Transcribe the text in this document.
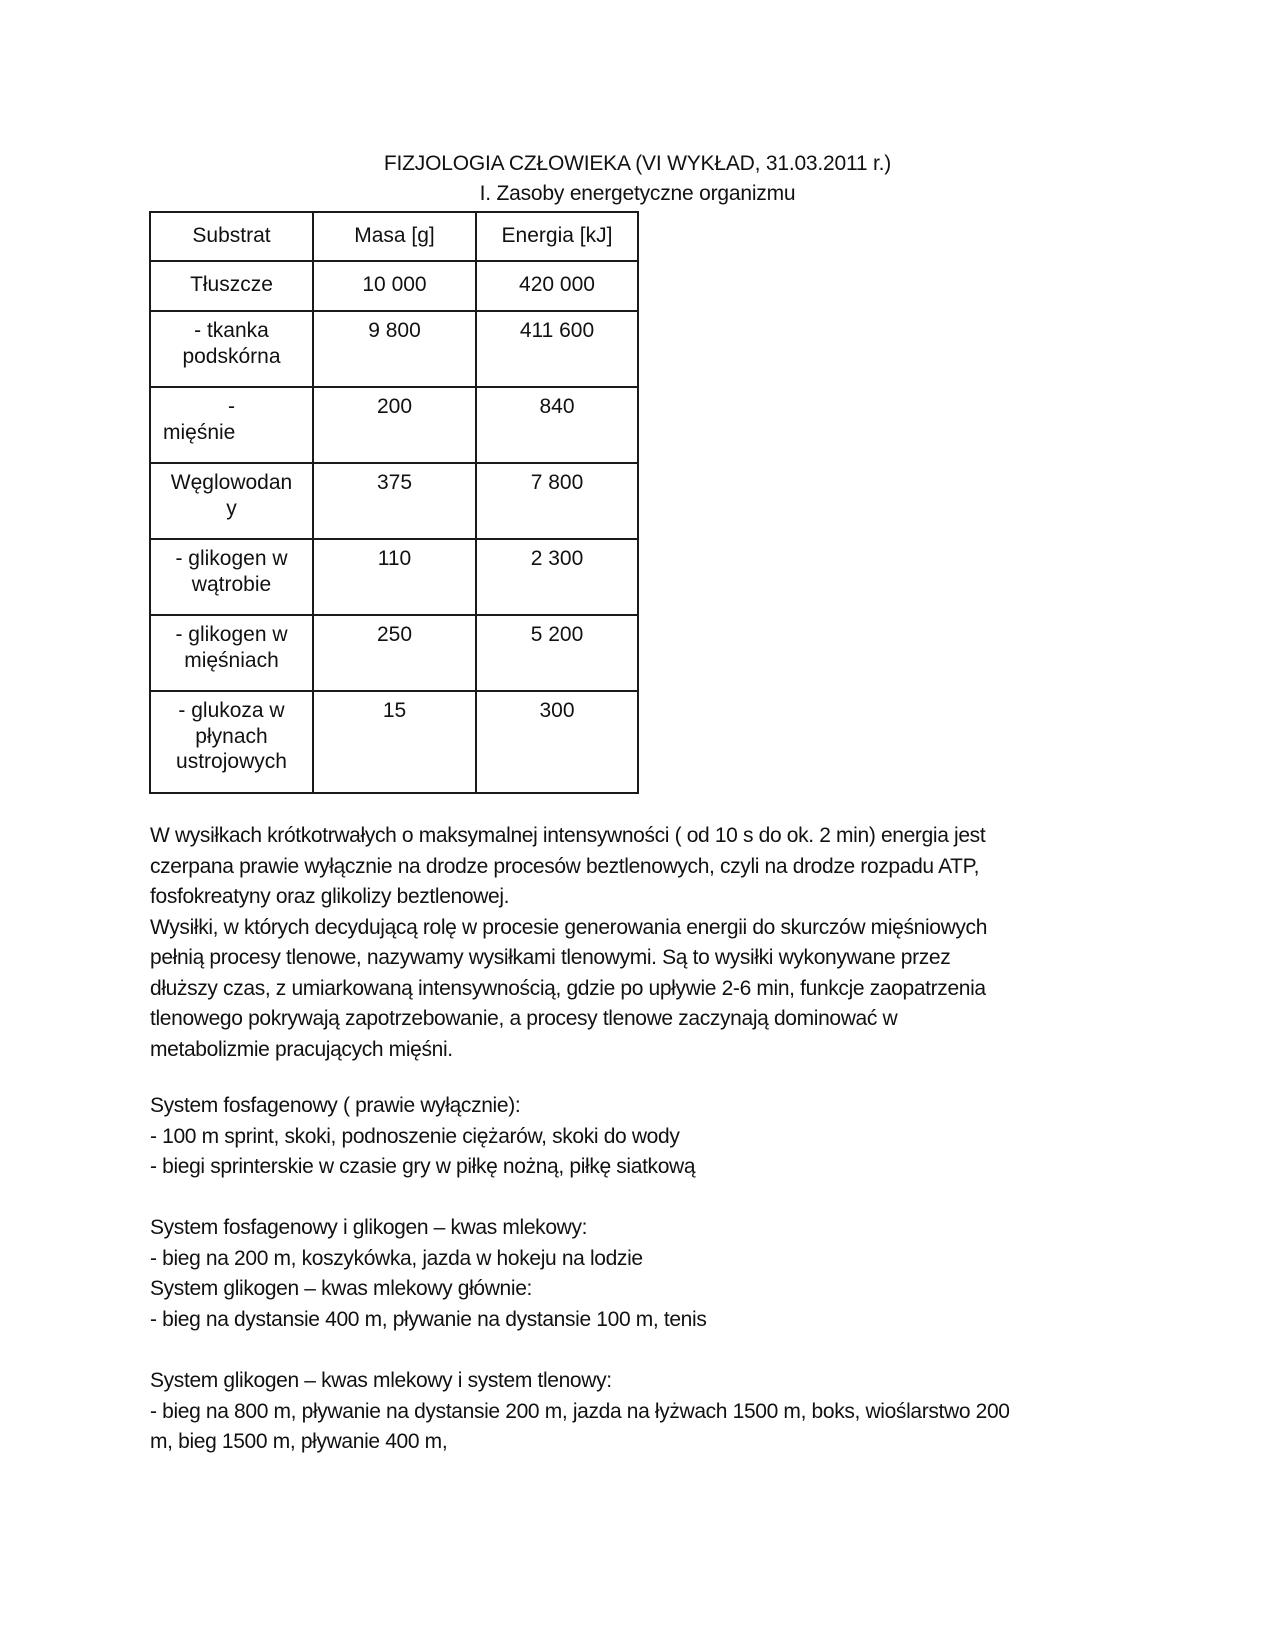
FIZJOLOGIA CZŁOWIEKA (VI WYKŁAD, 31.03.2011 r.)
I. Zasoby energetyczne organizmu
Substrat	Masa [g]	Energia [kJ]
Tłuszcze	10 000	420 000

- tkanka
podskórna	9 800	411 600

-
mięśnie	200	840

Węglowodan
y	375	7 800

- glikogen w
wątrobie	110	2 300

- glikogen w
mięśniach	250	5 200

- glukoza w
płynach
ustrojowych	15	300
W wysiłkach krótkotrwałych o maksymalnej intensywności ( od 10 s do ok. 2 min) energia jest
czerpana prawie wyłącznie na drodze procesów beztlenowych, czyli na drodze rozpadu ATP,
fosfokreatyny oraz glikolizy beztlenowej.
Wysiłki, w których decydującą rolę w procesie generowania energii do skurczów mięśniowych
pełnią procesy tlenowe, nazywamy wysiłkami tlenowymi. Są to wysiłki wykonywane przez
dłuższy czas, z umiarkowaną intensywnością, gdzie po upływie 2-6 min, funkcje zaopatrzenia
tlenowego pokrywają zapotrzebowanie, a procesy tlenowe zaczynają dominować w
metabolizmie pracujących mięśni.
System fosfagenowy ( prawie wyłącznie):
- 100 m sprint, skoki, podnoszenie ciężarów, skoki do wody
- biegi sprinterskie w czasie gry w piłkę nożną, piłkę siatkową
System fosfagenowy i glikogen – kwas mlekowy:
- bieg na 200 m, koszykówka, jazda w hokeju na lodzie
System glikogen – kwas mlekowy głównie:
- bieg na dystansie 400 m, pływanie na dystansie 100 m, tenis
System glikogen – kwas mlekowy i system tlenowy:
- bieg na 800 m, pływanie na dystansie 200 m, jazda na łyżwach 1500 m, boks, wioślarstwo 200
m, bieg 1500 m, pływanie 400 m,
